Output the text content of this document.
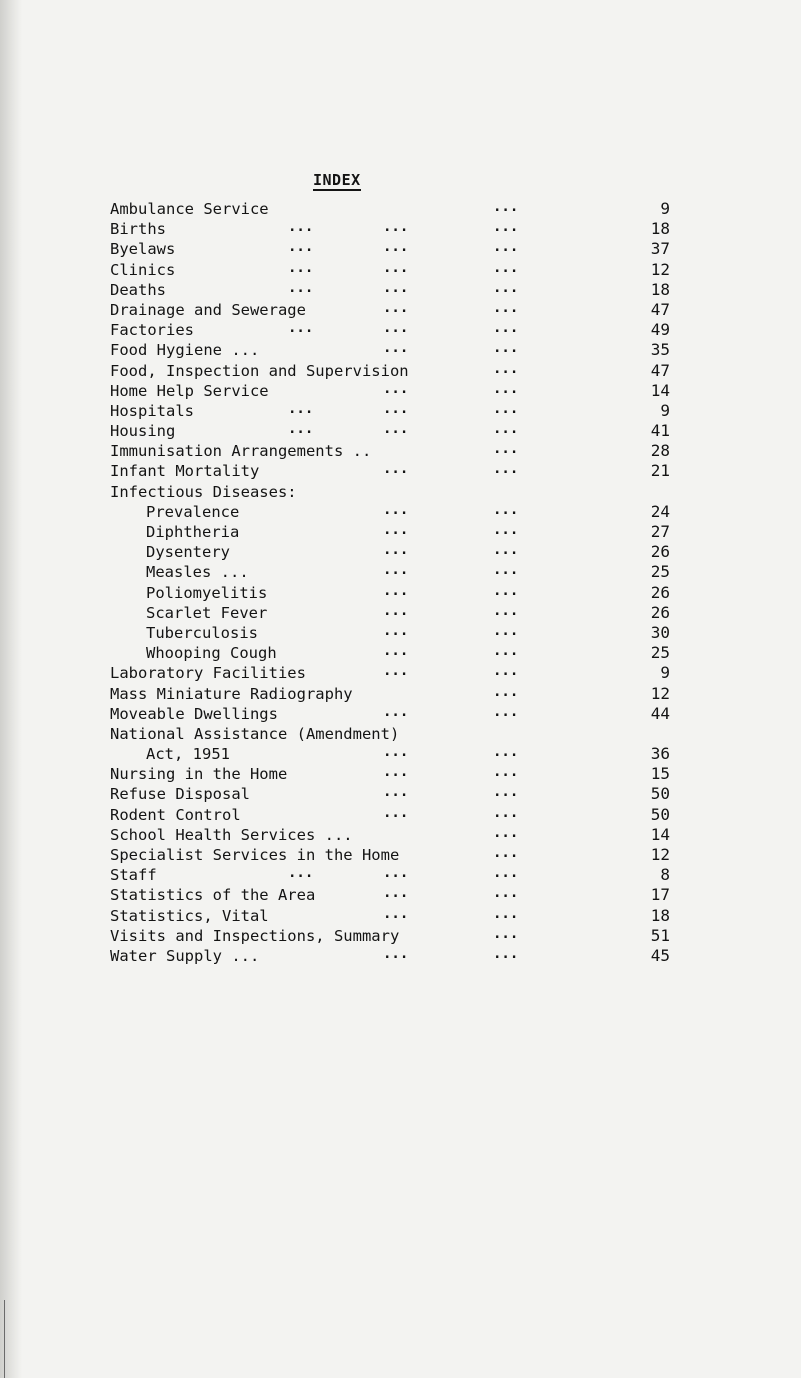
INDEX
Ambulance Service	...	9
Births	...	...	...	18
Byelaws	...	...	...	37
Clinics	...	...	...	12
Deaths	...	...	...	18
Drainage and Sewerage	...	...	47
Factories	...	...	...	49
Food Hygiene ...	...	...	35
Food, Inspection and Supervision	...	47
Home Help Service	...	...	14
Hospitals	...	...	...	9
Housing	...	...	...	41
Immunisation Arrangements ..	...	28
Infant Mortality	...	...	21
Infectious Diseases:
Prevalence	...	...	24
Diphtheria	...	...	27
Dysentery	...	...	26
Measles ...	...	...	25
Poliomyelitis	...	...	26
Scarlet Fever	...	...	26
Tuberculosis	...	...	30
Whooping Cough	...	...	25
Laboratory Facilities	...	...	9
Mass Miniature Radiography	...	12
Moveable Dwellings	...	...	44
National Assistance (Amendment)
Act, 1951	...	...	36
Nursing in the Home	...	...	15
Refuse Disposal	...	...	50
Rodent Control	...	...	50
School Health Services ...	...	14
Specialist Services in the Home	...	12
Staff	...	...	...	8
Statistics of the Area	...	...	17
Statistics, Vital	...	...	18
Visits and Inspections, Summary	...	51
Water Supply ...	...	...	45
